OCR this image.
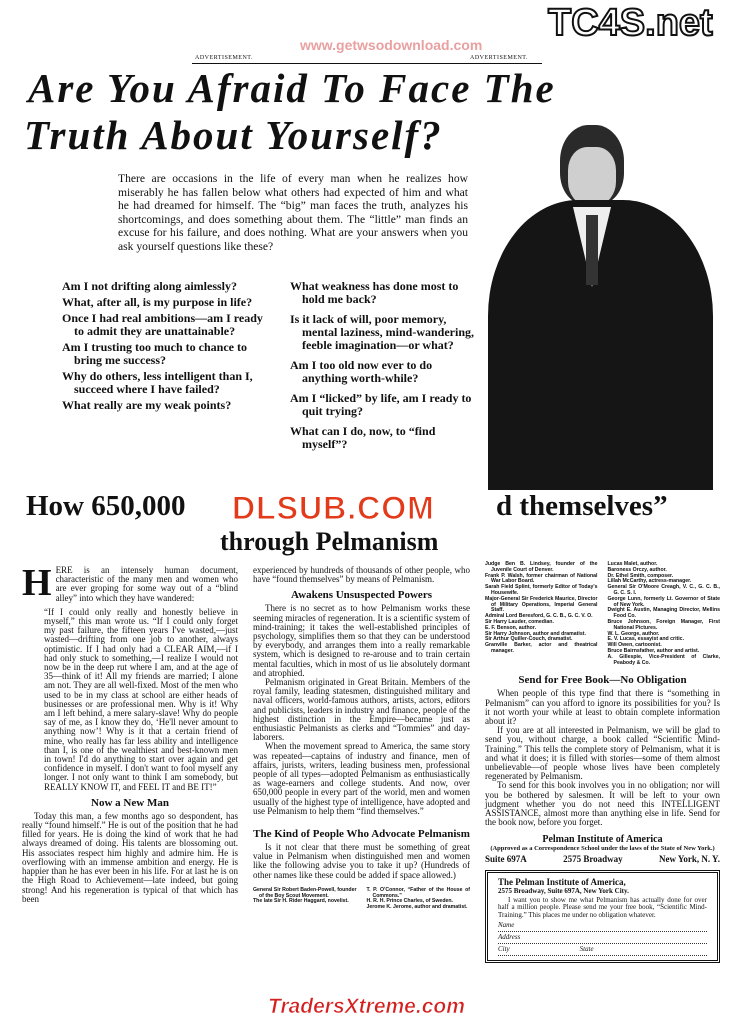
ADVERTISEMENT.	ADVERTISEMENT.
Are You Afraid To Face The
Truth About Yourself?
TC4S.net
www.getwsodownload.com
There are occasions in the life of every man when he realizes how miserably he has fallen below what others had expected of him and what he had dreamed for himself. The “big” man faces the truth, analyzes his shortcomings, and does something about them. The “little” man finds an excuse for his failure, and does nothing. What are your answers when you ask yourself questions like these?
Am I not drifting along aimlessly?
What, after all, is my purpose in life?
Once I had real ambitions—am I ready to admit they are unattainable?
Am I trusting too much to chance to bring me success?
Why do others, less intelligent than I, succeed where I have failed?
What really are my weak points?
What weakness has done most to hold me back?
Is it lack of will, poor memory, mental laziness, mind-wandering, feeble imagination—or what?
Am I too old now ever to do anything worth-while?
Am I “licked” by life, am I ready to quit trying?
What can I do, now, to “find myself”?
How 650,000 DLSUB.COM d themselves”
through Pelmanism
HERE is an intensely human document, characteristic of the many men and women who are ever groping for some way out of a “blind alley” into which they have wandered:
“If I could only really and honestly believe in myself,” this man wrote us. “If I could only forget my past failure, the fifteen years I've wasted,—just wasted—drifting from one job to another, always optimistic. If I had only had a CLEAR AIM,—if I had only stuck to something,—I realize I would not now be in the deep rut where I am, and at the age of 35—think of it! All my friends are married; I alone am not. They are all well-fixed. Most of the men who used to be in my class at school are either heads of businesses or are professional men. Why is it! Why am I left behind, a mere salary-slave! Why do people say of me, as I know they do, ‘He'll never amount to anything now’! Why is it that a certain friend of mine, who really has far less ability and intelligence than I, is one of the wealthiest and best-known men in town! I'd do anything to start over again and get confidence in myself. I don't want to fool myself any longer. I not only want to think I am somebody, but REALLY KNOW IT, and FEEL IT and BE IT!”
Now a New Man

Today this man, a few months ago so despondent, has really “found himself.” He is out of the position that he had filled for years. He is doing the kind of work that he had always dreamed of doing. His talents are blossoming out. His associates respect him highly and admire him. He is overflowing with an immense ambition and energy. He is happier than he has ever been in his life. For at last he is on the High Road to Achievement—late indeed, but going strong! And his regeneration is typical of that which has been

experienced by hundreds of thousands of other people, who have “found themselves” by means of Pelmanism.
Awakens Unsuspected Powers

There is no secret as to how Pelmanism works these seeming miracles of regeneration. It is a scientific system of mind-training; it takes the well-established principles of psychology, simplifies them so that they can be understood by everybody, and arranges them into a really remarkable system, which is designed to re-arouse and to train certain mental faculties, which in most of us lie absolutely dormant and atrophied.

Pelmanism originated in Great Britain. Members of the royal family, leading statesmen, distinguished military and naval officers, world-famous authors, artists, actors, editors and publicists, leaders in industry and finance, people of the highest distinction in the Empire—became just as enthusiastic Pelmanists as clerks and “Tommies” and day-laborers.

When the movement spread to America, the same story was repeated—captains of industry and finance, men of affairs, jurists, writers, leading business men, professional people of all types—adopted Pelmanism as enthusiastically as wage-earners and college students. And now, over 650,000 people in every part of the world, men and women usually of the highest type of intelligence, have adopted and use Pelmanism to help them “find themselves.”

The Kind of People Who Advocate Pelmanism

Is it not clear that there must be something of great value in Pelmanism when distinguished men and women like the following advise you to take it up? (Hundreds of other names like these could be added if space allowed.)

General Sir Robert Baden-Powell, founder of the Boy Scout Movement.
The late Sir H. Rider Haggard, novelist.
T. P. O'Connor, “Father of the House of Commons.”
H. R. H. Prince Charles, of Sweden.
Jerome K. Jerome, author and dramatist.
Judge Ben B. Lindsey, founder of the Juvenile Court of Denver.
Frank P. Walsh, former chairman of National War Labor Board.
Sarah Field Splint, formerly Editor of Today's Housewife.
Major-General Sir Frederick Maurice, Director of Military Operations, Imperial General Staff.
Admiral Lord Beresford, G. C. B., G. C. V. O.
Sir Harry Lauder, comedian.
E. F. Benson, author.
Sir Harry Johnson, author and dramatist.
Sir Arthur Quiller-Couch, dramatist.
Granville Barker, actor and theatrical manager.
Lucas Malet, author.
Baroness Orczy, author.
Dr. Ethel Smith, composer.
Lillah McCarthy, actress-manager.
General Sir O'Moore Creagh, V. C., G. C. B., G. C. S. I.
George Lunn, formerly Lt. Governor of State of New York.
Dwight E. Austin, Managing Director, Mellins Food Co.
Bruce Johnson, Foreign Manager, First National Pictures.
W. L. George, author.
E. V. Lucas, essayist and critic.
Will Owen, cartoonist.
Bruce Bairnsfather, author and artist.
A. Gillespie, Vice-President of Clarke, Peabody & Co.
Send for Free Book—No Obligation

When people of this type find that there is “something in Pelmanism” can you afford to ignore its possibilities for you? Is it not worth your while at least to obtain complete information about it?

If you are at all interested in Pelmanism, we will be glad to send you, without charge, a book called “Scientific Mind-Training.” This tells the complete story of Pelmanism, what it is and what it does; it is filled with stories—some of them almost unbelievable—of people whose lives have been completely regenerated by Pelmanism.

To send for this book involves you in no obligation; nor will you be bothered by salesmen. It will be left to your own judgment whether you do not need this INTELLIGENT ASSISTANCE, almost more than anything else in life. Send for the book now, before you forget.

Pelman Institute of America
(Approved as a Correspondence School under the laws of the State of New York.)
Suite 697A	2575 Broadway	New York, N. Y.
The Pelman Institute of America,
2575 Broadway, Suite 697A, New York City.
I want you to show me what Pelmanism has actually done for over half a million people. Please send me your free book, “Scientific Mind-Training.” This places me under no obligation whatever.
Name
Address
City	State
TradersXtreme.com
